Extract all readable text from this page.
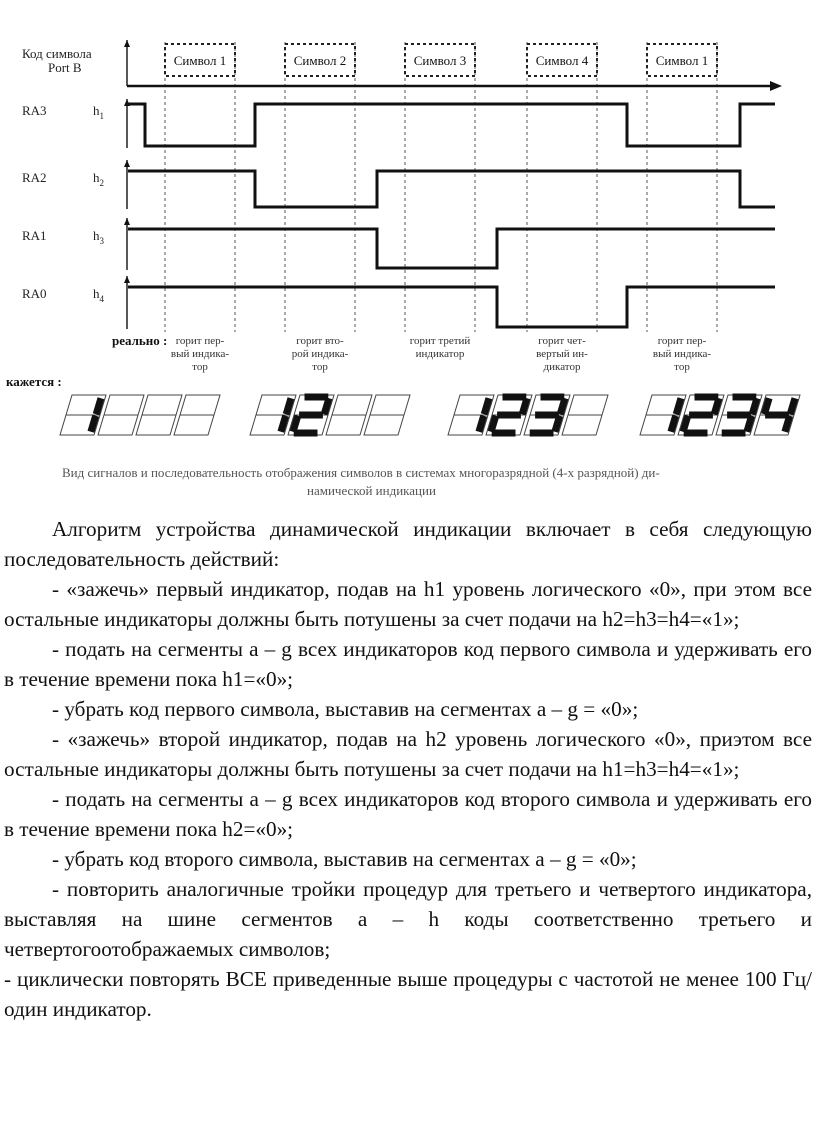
Код символа
Port B
реально :
кажется :
Вид сигналов и последовательность отображения символов в системах многоразрядной (4-х разрядной) ди-
намической индикации
Символ 1	Символ 2	Символ 3	Символ 4	Символ 1
RA3	$h_1$
RA2	$h_2$
RA1	$h_3$
RA0	$h_4$
горит пер-
вый индика-
тор
горит вто-
рой индика-
тор
горит третий
индикатор
горит чет-
вертый ин-
дикатор
горит пер-
вый индика-
тор
1	1	2	1	2	3	1	2	3	4

Алгоритм устройства динамической индикации включает в себя следующую последовательность действий:

- «зажечь» первый индикатор, подав на h1 уровень логического «0», при этом все остальные индикаторы должны быть потушены за счет подачи на h2=h3=h4=«1»;

- подать на сегменты a – g всех индикаторов код первого символа и удерживать его в течение времени пока h1=«0»;

- убрать код первого символа, выставив на сегментах a – g = «0»;

- «зажечь» второй индикатор, подав на h2 уровень логического «0», приэтом все остальные индикаторы должны быть потушены за счет подачи на h1=h3=h4=«1»;

- подать на сегменты a – g всех индикаторов код второго символа и удерживать его в течение времени пока h2=«0»;

- убрать код второго символа, выставив на сегментах a – g = «0»;

- повторить аналогичные тройки процедур для третьего и четвертого индикатора, выставляя на шине сегментов a – h коды соответственно третьего и четвертогоотображаемых символов;

- циклически повторять ВСЕ приведенные выше процедуры с частотой не менее 100 Гц/один индикатор.
